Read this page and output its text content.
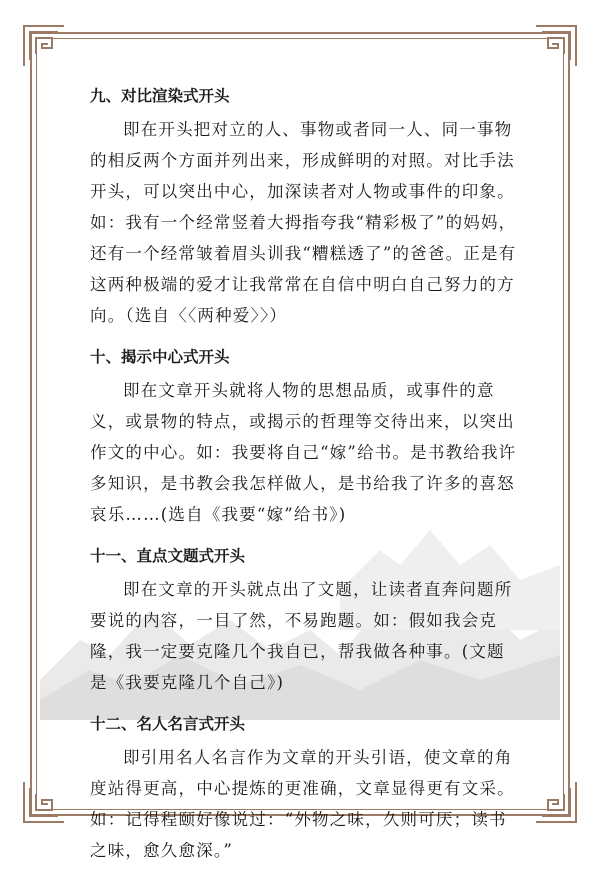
九、对比渲染式开头

即在开头把对立的人、事物或者同一人、同一事物的相反两个方面并列出来，形成鲜明的对照。对比手法开头，可以突出中心，加深读者对人物或事件的印象。如：我有一个经常竖着大拇指夸我“精彩极了”的妈妈，还有一个经常皱着眉头训我“糟糕透了”的爸爸。正是有这两种极端的爱才让我常常在自信中明白自己努力的方向。（选自〈〈两种爱〉〉）

十、揭示中心式开头

即在文章开头就将人物的思想品质，或事件的意义，或景物的特点，或揭示的哲理等交待出来，以突出作文的中心。如：我要将自己“嫁”给书。是书教给我许多知识，是书教会我怎样做人，是书给我了许多的喜怒哀乐……(选自《我要“嫁”给书》)

十一、直点文题式开头

即在文章的开头就点出了文题，让读者直奔问题所要说的内容，一目了然，不易跑题。如：假如我会克隆，我一定要克隆几个我自已，帮我做各种事。(文题是《我要克隆几个自己》)

十二、名人名言式开头

即引用名人名言作为文章的开头引语，使文章的角度站得更高，中心提炼的更准确，文章显得更有文采。如：记得程颐好像说过：“外物之味，久则可厌；读书之味，愈久愈深。”
